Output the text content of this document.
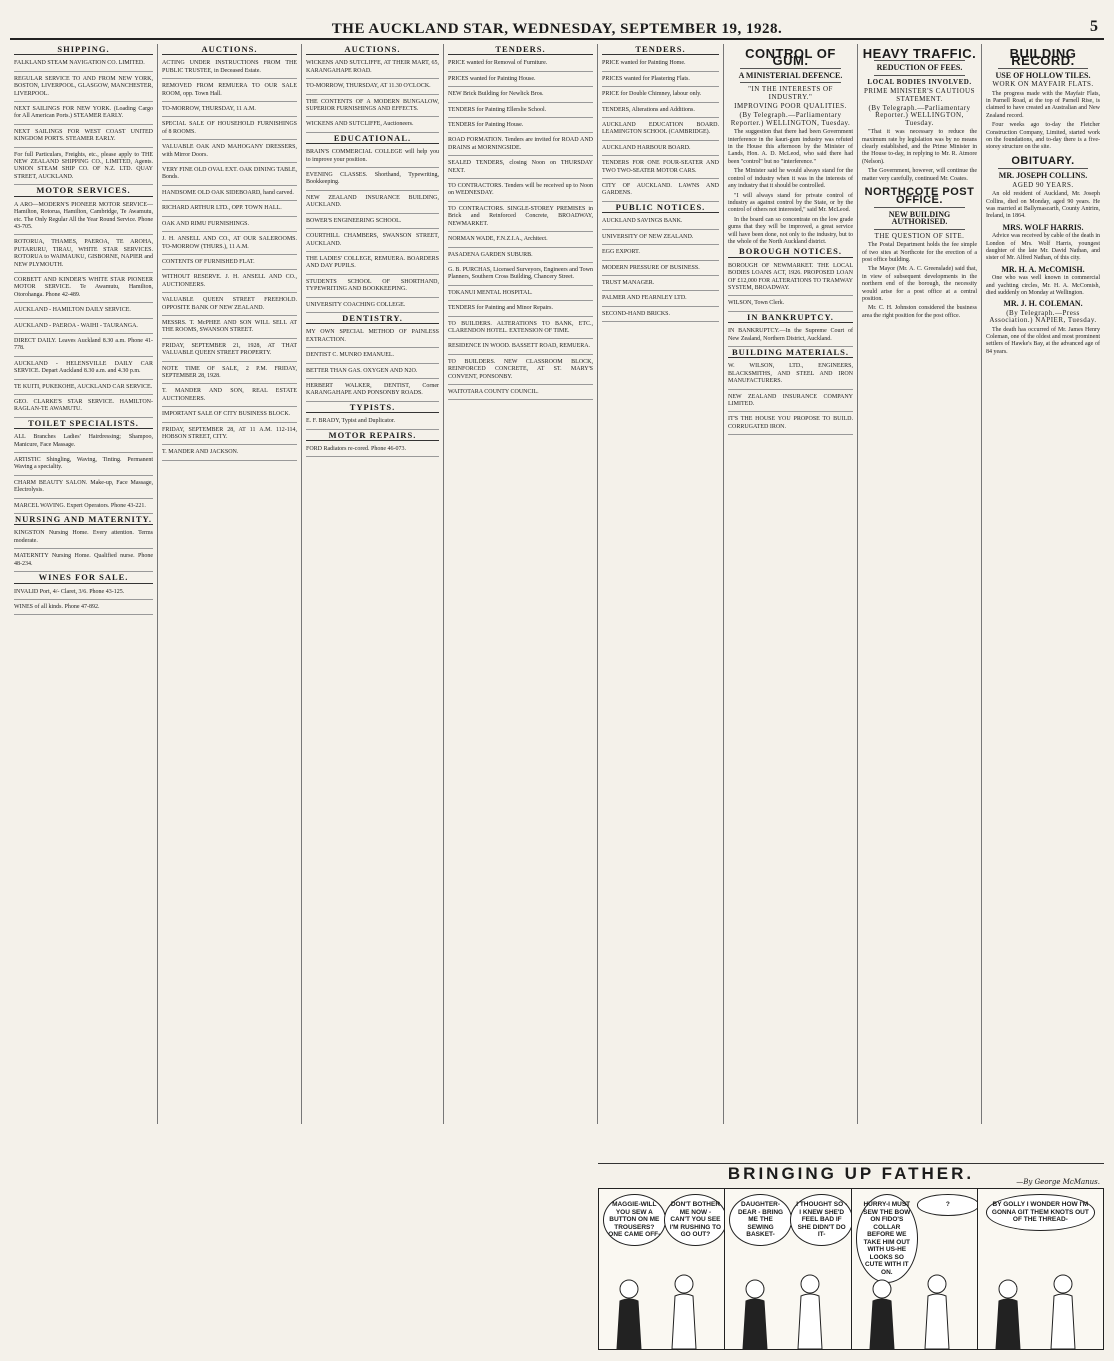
THE AUCKLAND STAR, WEDNESDAY, SEPTEMBER 19, 1928.	5
SHIPPING.
FALKLAND STEAM NAVIGATION CO. LIMITED.
REGULAR SERVICE TO AND FROM NEW YORK, BOSTON, LIVERPOOL, GLASGOW, MANCHESTER, LIVERPOOL.
NEXT SAILINGS FOR NEW YORK. (Loading Cargo for All American Ports.) STEAMER EARLY.
NEXT SAILINGS FOR WEST COAST UNITED KINGDOM PORTS. STEAMER EARLY.
For full Particulars, Freights, etc., please apply to THE NEW ZEALAND SHIPPING CO., LIMITED, Agents. UNION STEAM SHIP CO. OF N.Z. LTD. QUAY STREET, AUCKLAND.
MOTOR SERVICES.
A ARO—MODERN'S PIONEER MOTOR SERVICE—Hamilton, Rotorua, Hamilton, Cambridge, Te Awamutu, etc. The Only Regular All the Year Round Service. Phone 43-705.
ROTORUA, THAMES, PAEROA, TE AROHA, PUTARURU, TIRAU, WHITE STAR SERVICES. ROTORUA to WAIMAUKU, GISBORNE, NAPIER and NEW PLYMOUTH.
CORBETT AND KINDER'S WHITE STAR PIONEER MOTOR SERVICE. Te Awamutu, Hamilton, Otorohanga. Phone 42-489.
AUCKLAND - HAMILTON DAILY SERVICE.
AUCKLAND - PAEROA - WAIHI - TAURANGA.
DIRECT DAILY. Leaves Auckland 8.30 a.m. Phone 41-778.
AUCKLAND - HELENSVILLE DAILY CAR SERVICE. Depart Auckland 8.30 a.m. and 4.30 p.m.
TE KUITI, PUKEKOHE, AUCKLAND CAR SERVICE.
GEO. CLARKE'S STAR SERVICE. HAMILTON-RAGLAN-TE AWAMUTU.
TOILET SPECIALISTS.
ALL Branches Ladies' Hairdressing; Shampoo, Manicure, Face Massage.
ARTISTIC Shingling, Waving, Tinting. Permanent Waving a speciality.
CHARM BEAUTY SALON. Make-up, Face Massage, Electrolysis.
MARCEL WAVING. Expert Operators. Phone 43-221.
NURSING AND MATERNITY.
KINGSTON Nursing Home. Every attention. Terms moderate.
MATERNITY Nursing Home. Qualified nurse. Phone 48-234.
WINES FOR SALE.
INVALID Port, 4/- Claret, 3/6. Phone 43-125.
WINES of all kinds. Phone 47-892.
AUCTIONS.
ACTING UNDER INSTRUCTIONS FROM THE PUBLIC TRUSTEE, in Deceased Estate.
REMOVED FROM REMUERA TO OUR SALE ROOM, opp. Town Hall.
TO-MORROW, THURSDAY, 11 A.M.
SPECIAL SALE OF HOUSEHOLD FURNISHINGS of 8 ROOMS.
VALUABLE OAK AND MAHOGANY DRESSERS, with Mirror Doors.
VERY FINE OLD OVAL EXT. OAK DINING TABLE, Bonds.
HANDSOME OLD OAK SIDEBOARD, hand carved.
RICHARD ARTHUR LTD., OPP. TOWN HALL.
OAK AND RIMU FURNISHINGS.
J. H. ANSELL AND CO., AT OUR SALEROOMS. TO-MORROW (THURS.), 11 A.M.
CONTENTS OF FURNISHED FLAT.
WITHOUT RESERVE. J. H. ANSELL AND CO., AUCTIONEERS.
VALUABLE QUEEN STREET FREEHOLD. OPPOSITE BANK OF NEW ZEALAND.
MESSRS. T. McPHEE AND SON WILL SELL AT THE ROOMS, SWANSON STREET.
FRIDAY, SEPTEMBER 21, 1928, AT THAT VALUABLE QUEEN STREET PROPERTY.
NOTE TIME OF SALE, 2 P.M. FRIDAY, SEPTEMBER 28, 1928.
T. MANDER AND SON, REAL ESTATE AUCTIONEERS.
IMPORTANT SALE OF CITY BUSINESS BLOCK.
FRIDAY, SEPTEMBER 28, AT 11 A.M. 112-114, HOBSON STREET, CITY.
T. MANDER AND JACKSON.
AUCTIONS.
WICKENS AND SUTCLIFFE, AT THEIR MART, 65, KARANGAHAPE ROAD.
TO-MORROW, THURSDAY, AT 11.30 O'CLOCK.
THE CONTENTS OF A MODERN BUNGALOW, SUPERIOR FURNISHINGS AND EFFECTS.
WICKENS AND SUTCLIFFE, Auctioneers.
EDUCATIONAL.
BRAIN'S COMMERCIAL COLLEGE will help you to improve your position.
EVENING CLASSES. Shorthand, Typewriting, Bookkeeping.
NEW ZEALAND INSURANCE BUILDING, AUCKLAND.
BOWER'S ENGINEERING SCHOOL.
COURTHILL CHAMBERS, SWANSON STREET, AUCKLAND.
THE LADIES' COLLEGE, REMUERA. BOARDERS AND DAY PUPILS.
STUDENTS SCHOOL OF SHORTHAND, TYPEWRITING AND BOOKKEEPING.
UNIVERSITY COACHING COLLEGE.
DENTISTRY.
MY OWN SPECIAL METHOD OF PAINLESS EXTRACTION.
DENTIST C. MUNRO EMANUEL.
BETTER THAN GAS. OXYGEN AND N2O.
HERBERT WALKER, DENTIST, Corner KARANGAHAPE AND PONSONBY ROADS.
TYPISTS.
E. F. BRADY, Typist and Duplicator.
MOTOR REPAIRS.
FORD Radiators re-cored. Phone 46-073.
TENDERS.
PRICE wanted for Removal of Furniture.
PRICES wanted for Painting House.
NEW Brick Building for Newlick Bros.
TENDERS for Painting Ellerslie School.
TENDERS for Painting House.
ROAD FORMATION. Tenders are invited for ROAD AND DRAINS at MORNINGSIDE.
SEALED TENDERS, closing Noon on THURSDAY NEXT.
TO CONTRACTORS. Tenders will be received up to Noon on WEDNESDAY.
TO CONTRACTORS. SINGLE-STOREY PREMISES in Brick and Reinforced Concrete, BROADWAY, NEWMARKET.
NORMAN WADE, F.N.Z.I.A., Architect.
PASADENA GARDEN SUBURB.
G. B. PURCHAS, Licensed Surveyors, Engineers and Town Planners, Southern Cross Building, Chancery Street.
TOKANUI MENTAL HOSPITAL.
TENDERS for Painting and Minor Repairs.
TO BUILDERS. ALTERATIONS TO BANK, ETC., CLARENDON HOTEL. EXTENSION OF TIME.
RESIDENCE IN WOOD. BASSETT ROAD, REMUERA.
TO BUILDERS. NEW CLASSROOM BLOCK, REINFORCED CONCRETE, AT ST. MARY'S CONVENT, PONSONBY.
WAITOTARA COUNTY COUNCIL.
TENDERS.
PRICE wanted for Painting Home.
PRICES wanted for Plastering Flats.
PRICE for Double Chimney, labour only.
TENDERS, Alterations and Additions.
AUCKLAND EDUCATION BOARD. LEAMINGTON SCHOOL (CAMBRIDGE).
AUCKLAND HARBOUR BOARD.
TENDERS FOR ONE FOUR-SEATER AND TWO TWO-SEATER MOTOR CARS.
CITY OF AUCKLAND. LAWNS AND GARDENS.
PUBLIC NOTICES.
AUCKLAND SAVINGS BANK.
UNIVERSITY OF NEW ZEALAND.
EGG EXPORT.
MODERN PRESSURE OF BUSINESS.
TRUST MANAGER.
PALMER AND FEARNLEY LTD.
SECOND-HAND BRICKS.
CONTROL OF GUM.
A MINISTERIAL DEFENCE.
"IN THE INTERESTS OF INDUSTRY."
IMPROVING POOR QUALITIES.
(By Telegraph.—Parliamentary Reporter.) WELLINGTON, Tuesday.
The suggestion that there had been Government interference in the kauri-gum industry was refuted in the House this afternoon by the Minister of Lands, Hon. A. D. McLeod, who said there had been "control" but no "interference."
The Minister said he would always stand for the control of industry when it was in the interests of any industry that it should be controlled.
"I will always stand for private control of industry as against control by the State, or by the control of others not interested," said Mr. McLeod.
In the board can so concentrate on the low grade gums that they will be improved, a great service will have been done, not only to the industry, but to the whole of the North Auckland district.
BOROUGH NOTICES.
BOROUGH OF NEWMARKET. THE LOCAL BODIES LOANS ACT, 1926. PROPOSED LOAN OF £12,000 FOR ALTERATIONS TO TRAMWAY SYSTEM, BROADWAY.
WILSON, Town Clerk.
IN BANKRUPTCY.
IN BANKRUPTCY.—In the Supreme Court of New Zealand, Northern District, Auckland.
BUILDING MATERIALS.
W. WILSON, LTD., ENGINEERS, BLACKSMITHS, AND STEEL AND IRON MANUFACTURERS.
NEW ZEALAND INSURANCE COMPANY LIMITED.
IT'S THE HOUSE YOU PROPOSE TO BUILD. CORRUGATED IRON.
HEAVY TRAFFIC.
REDUCTION OF FEES.
LOCAL BODIES INVOLVED.
PRIME MINISTER'S CAUTIOUS STATEMENT.
(By Telegraph.—Parliamentary Reporter.) WELLINGTON, Tuesday.
"That it was necessary to reduce the maximum rate by legislation was by no means clearly established, and the Prime Minister in the House to-day, in replying to Mr. R. Atmore (Nelson).
The Government, however, will continue the matter very carefully, continued Mr. Coates.
NORTHCOTE POST OFFICE.
NEW BUILDING AUTHORISED.
THE QUESTION OF SITE.
The Postal Department holds the fee simple of two sites at Northcote for the erection of a post office building.
The Mayor (Mr. A. C. Greenslade) said that, in view of subsequent developments in the northern end of the borough, the necessity would arise for a post office at a central position.
Mr. C. H. Johnston considered the business area the right position for the post office.
BUILDING RECORD.
USE OF HOLLOW TILES.
WORK ON MAYFAIR FLATS.
The progress made with the Mayfair Flats, in Parnell Road, at the top of Parnell Rise, is claimed to have created an Australian and New Zealand record.
Four weeks ago to-day the Fletcher Construction Company, Limited, started work on the foundations, and to-day there is a five-storey structure on the site.
OBITUARY.
MR. JOSEPH COLLINS.
AGED 90 YEARS.
An old resident of Auckland, Mr. Joseph Collins, died on Monday, aged 90 years. He was married at Ballymascarth, County Antrim, Ireland, in 1864.
MRS. WOLF HARRIS.
Advice was received by cable of the death in London of Mrs. Wolf Harris, youngest daughter of the late Mr. David Nathan, and sister of Mr. Alfred Nathan, of this city.
MR. H. A. McCOMISH.
One who was well known in commercial and yachting circles, Mr. H. A. McComish, died suddenly on Monday at Wellington.
MR. J. H. COLEMAN.
(By Telegraph.—Press Association.) NAPIER, Tuesday.
The death has occurred of Mr. James Henry Coleman, one of the oldest and most prominent settlers of Hawke's Bay, at the advanced age of 84 years.
BRINGING UP FATHER.	—By George McManus.
MAGGIE-WILL YOU SEW A BUTTON ON ME TROUSERS? ONE CAME OFF-
DON'T BOTHER ME NOW - CAN'T YOU SEE I'M RUSHING TO GO OUT?
DAUGHTER-DEAR - BRING ME THE SEWING BASKET-
I THOUGHT SO - I KNEW SHE'D FEEL BAD IF SHE DIDN'T DO IT-
HURRY-I MUST SEW THE BOW ON FIDO'S COLLAR BEFORE WE TAKE HIM OUT WITH US-HE LOOKS SO CUTE WITH IT ON.
?	BY GOLLY I WONDER HOW I'M GONNA GIT THEM KNOTS OUT OF THE THREAD-
